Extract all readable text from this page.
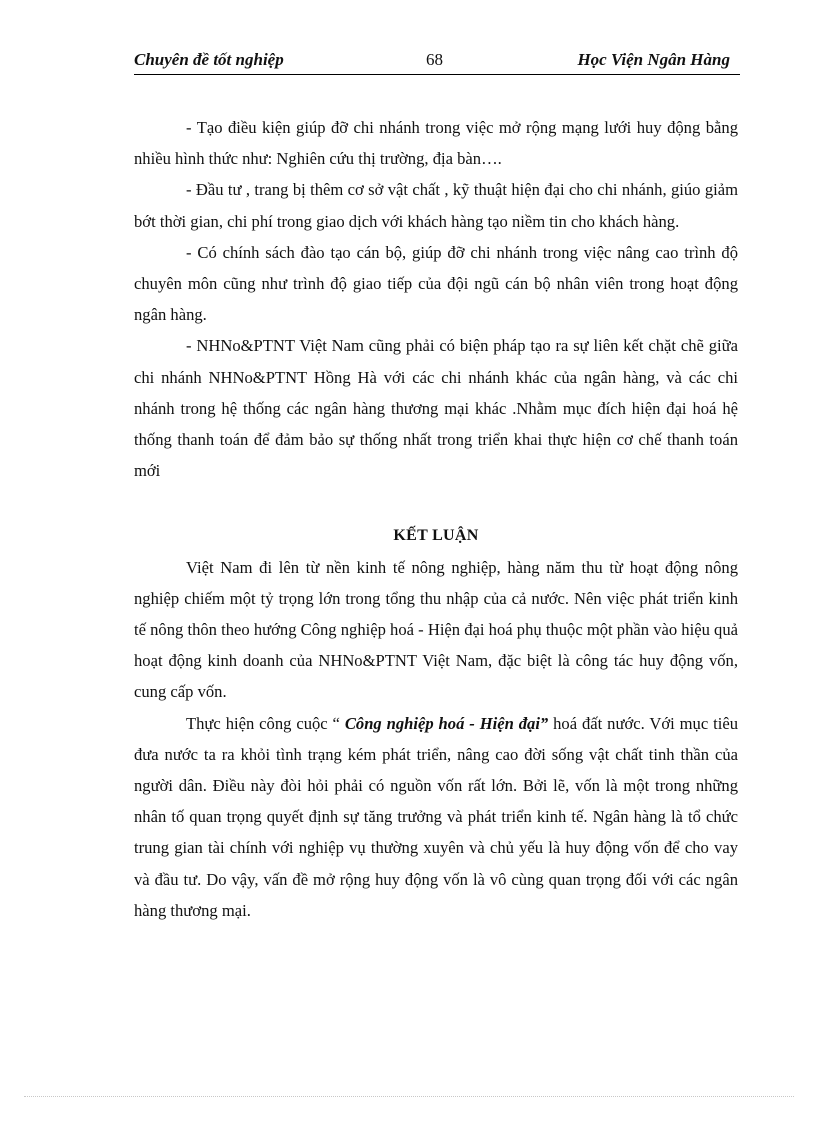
Chuyên đề tốt nghiệp	68	Học Viện Ngân Hàng

- Tạo điều kiện giúp đỡ chi nhánh trong việc mở rộng mạng lưới huy động bằng nhiều hình thức như: Nghiên cứu thị trường, địa bàn….

- Đầu tư , trang bị thêm cơ sở vật chất , kỹ thuật hiện đại cho chi nhánh, giúo giảm bớt thời gian, chi phí trong giao dịch với khách hàng tạo niềm tin cho khách hàng.

- Có chính sách đào tạo cán bộ, giúp đỡ chi nhánh trong việc nâng cao trình độ chuyên môn cũng như trình độ giao tiếp của đội ngũ cán bộ nhân viên trong hoạt động ngân hàng.

- NHNo&PTNT Việt Nam cũng phải có biện pháp tạo ra sự liên kết chặt chẽ giữa chi nhánh NHNo&PTNT Hồng Hà với các chi nhánh khác của ngân hàng, và các chi nhánh trong hệ thống các ngân hàng thương mại khác .Nhằm mục đích hiện đại hoá hệ thống thanh toán để đảm bảo sự thống nhất trong triển khai thực hiện cơ chế thanh toán mới

KẾT LUẬN

Việt Nam đi lên từ nền kinh tế nông nghiệp, hàng năm thu từ hoạt động nông nghiệp chiếm một tỷ trọng lớn trong tổng thu nhập của cả nước. Nên việc phát triển kinh tế nông thôn theo hướng Công nghiệp hoá - Hiện đại hoá phụ thuộc một phần vào hiệu quả hoạt động kinh doanh của NHNo&PTNT Việt Nam, đặc biệt là công tác huy động vốn, cung cấp vốn.

Thực hiện công cuộc “ Công nghiệp hoá - Hiện đại” hoá đất nước. Với mục tiêu đưa nước ta ra khỏi tình trạng kém phát triển, nâng cao đời sống vật chất tinh thần của người dân. Điều này đòi hỏi phải có nguồn vốn rất lớn. Bởi lẽ, vốn là một trong những nhân tố quan trọng quyết định sự tăng trưởng và phát triển kinh tế. Ngân hàng là tổ chức trung gian tài chính với nghiệp vụ thường xuyên và chủ yếu là huy động vốn để cho vay và đầu tư. Do vậy, vấn đề mở rộng huy động vốn là vô cùng quan trọng đối với các ngân hàng thương mại.
